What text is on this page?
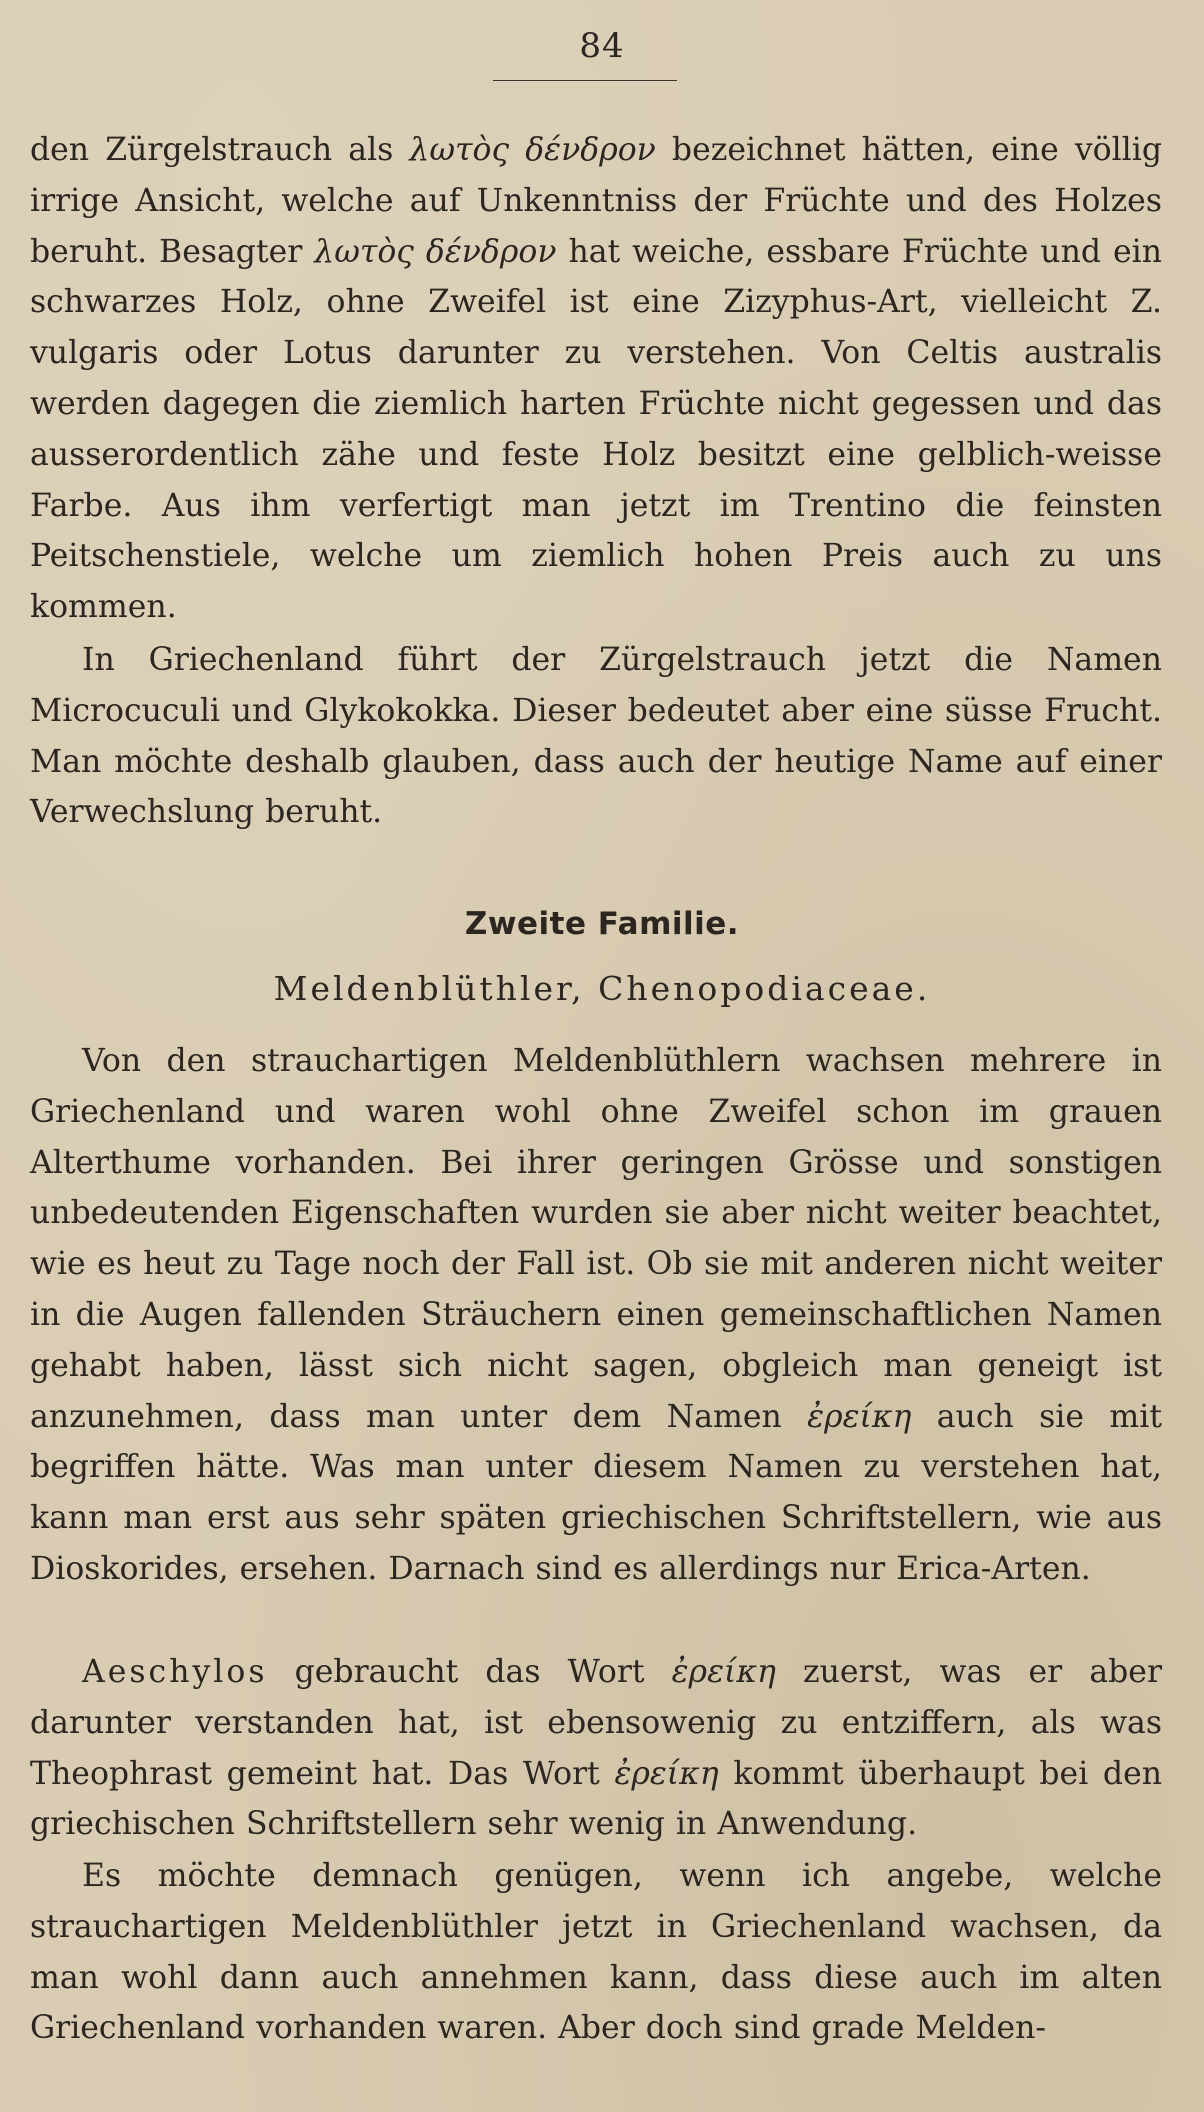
84

den Zürgelstrauch als λωτὸς δένδρον bezeichnet hätten, eine völlig irrige Ansicht, welche auf Unkenntniss der Früchte und des Holzes beruht. Besagter λωτὸς δένδρον hat weiche, essbare Früchte und ein schwarzes Holz, ohne Zweifel ist eine Zizyphus-Art, vielleicht Z. vulgaris oder Lotus darunter zu verstehen. Von Celtis australis werden dagegen die ziemlich harten Früchte nicht gegessen und das ausserordentlich zähe und feste Holz besitzt eine gelblich-weisse Farbe. Aus ihm verfertigt man jetzt im Trentino die feinsten Peitschenstiele, welche um ziemlich hohen Preis auch zu uns kommen.

In Griechenland führt der Zürgelstrauch jetzt die Namen Microcuculi und Glykokokka. Dieser bedeutet aber eine süsse Frucht. Man möchte deshalb glauben, dass auch der heutige Name auf einer Verwechslung beruht.

Zweite Familie.
Meldenblüthler, Chenopodiaceae.

Von den strauchartigen Meldenblüthlern wachsen mehrere in Griechenland und waren wohl ohne Zweifel schon im grauen Alterthume vorhanden. Bei ihrer geringen Grösse und sonstigen unbedeutenden Eigenschaften wurden sie aber nicht weiter beachtet, wie es heut zu Tage noch der Fall ist. Ob sie mit anderen nicht weiter in die Augen fallenden Sträuchern einen gemeinschaftlichen Namen gehabt haben, lässt sich nicht sagen, obgleich man geneigt ist anzunehmen, dass man unter dem Namen ἐρείκη auch sie mit begriffen hätte. Was man unter diesem Namen zu verstehen hat, kann man erst aus sehr späten griechischen Schriftstellern, wie aus Dioskorides, ersehen. Darnach sind es allerdings nur Erica-Arten.

Aeschylos gebraucht das Wort ἐρείκη zuerst, was er aber darunter verstanden hat, ist ebensowenig zu entziffern, als was Theophrast gemeint hat. Das Wort ἐρείκη kommt überhaupt bei den griechischen Schriftstellern sehr wenig in Anwendung.

Es möchte demnach genügen, wenn ich angebe, welche strauchartigen Meldenblüthler jetzt in Griechenland wachsen, da man wohl dann auch annehmen kann, dass diese auch im alten Griechenland vorhanden waren. Aber doch sind grade Melden-
